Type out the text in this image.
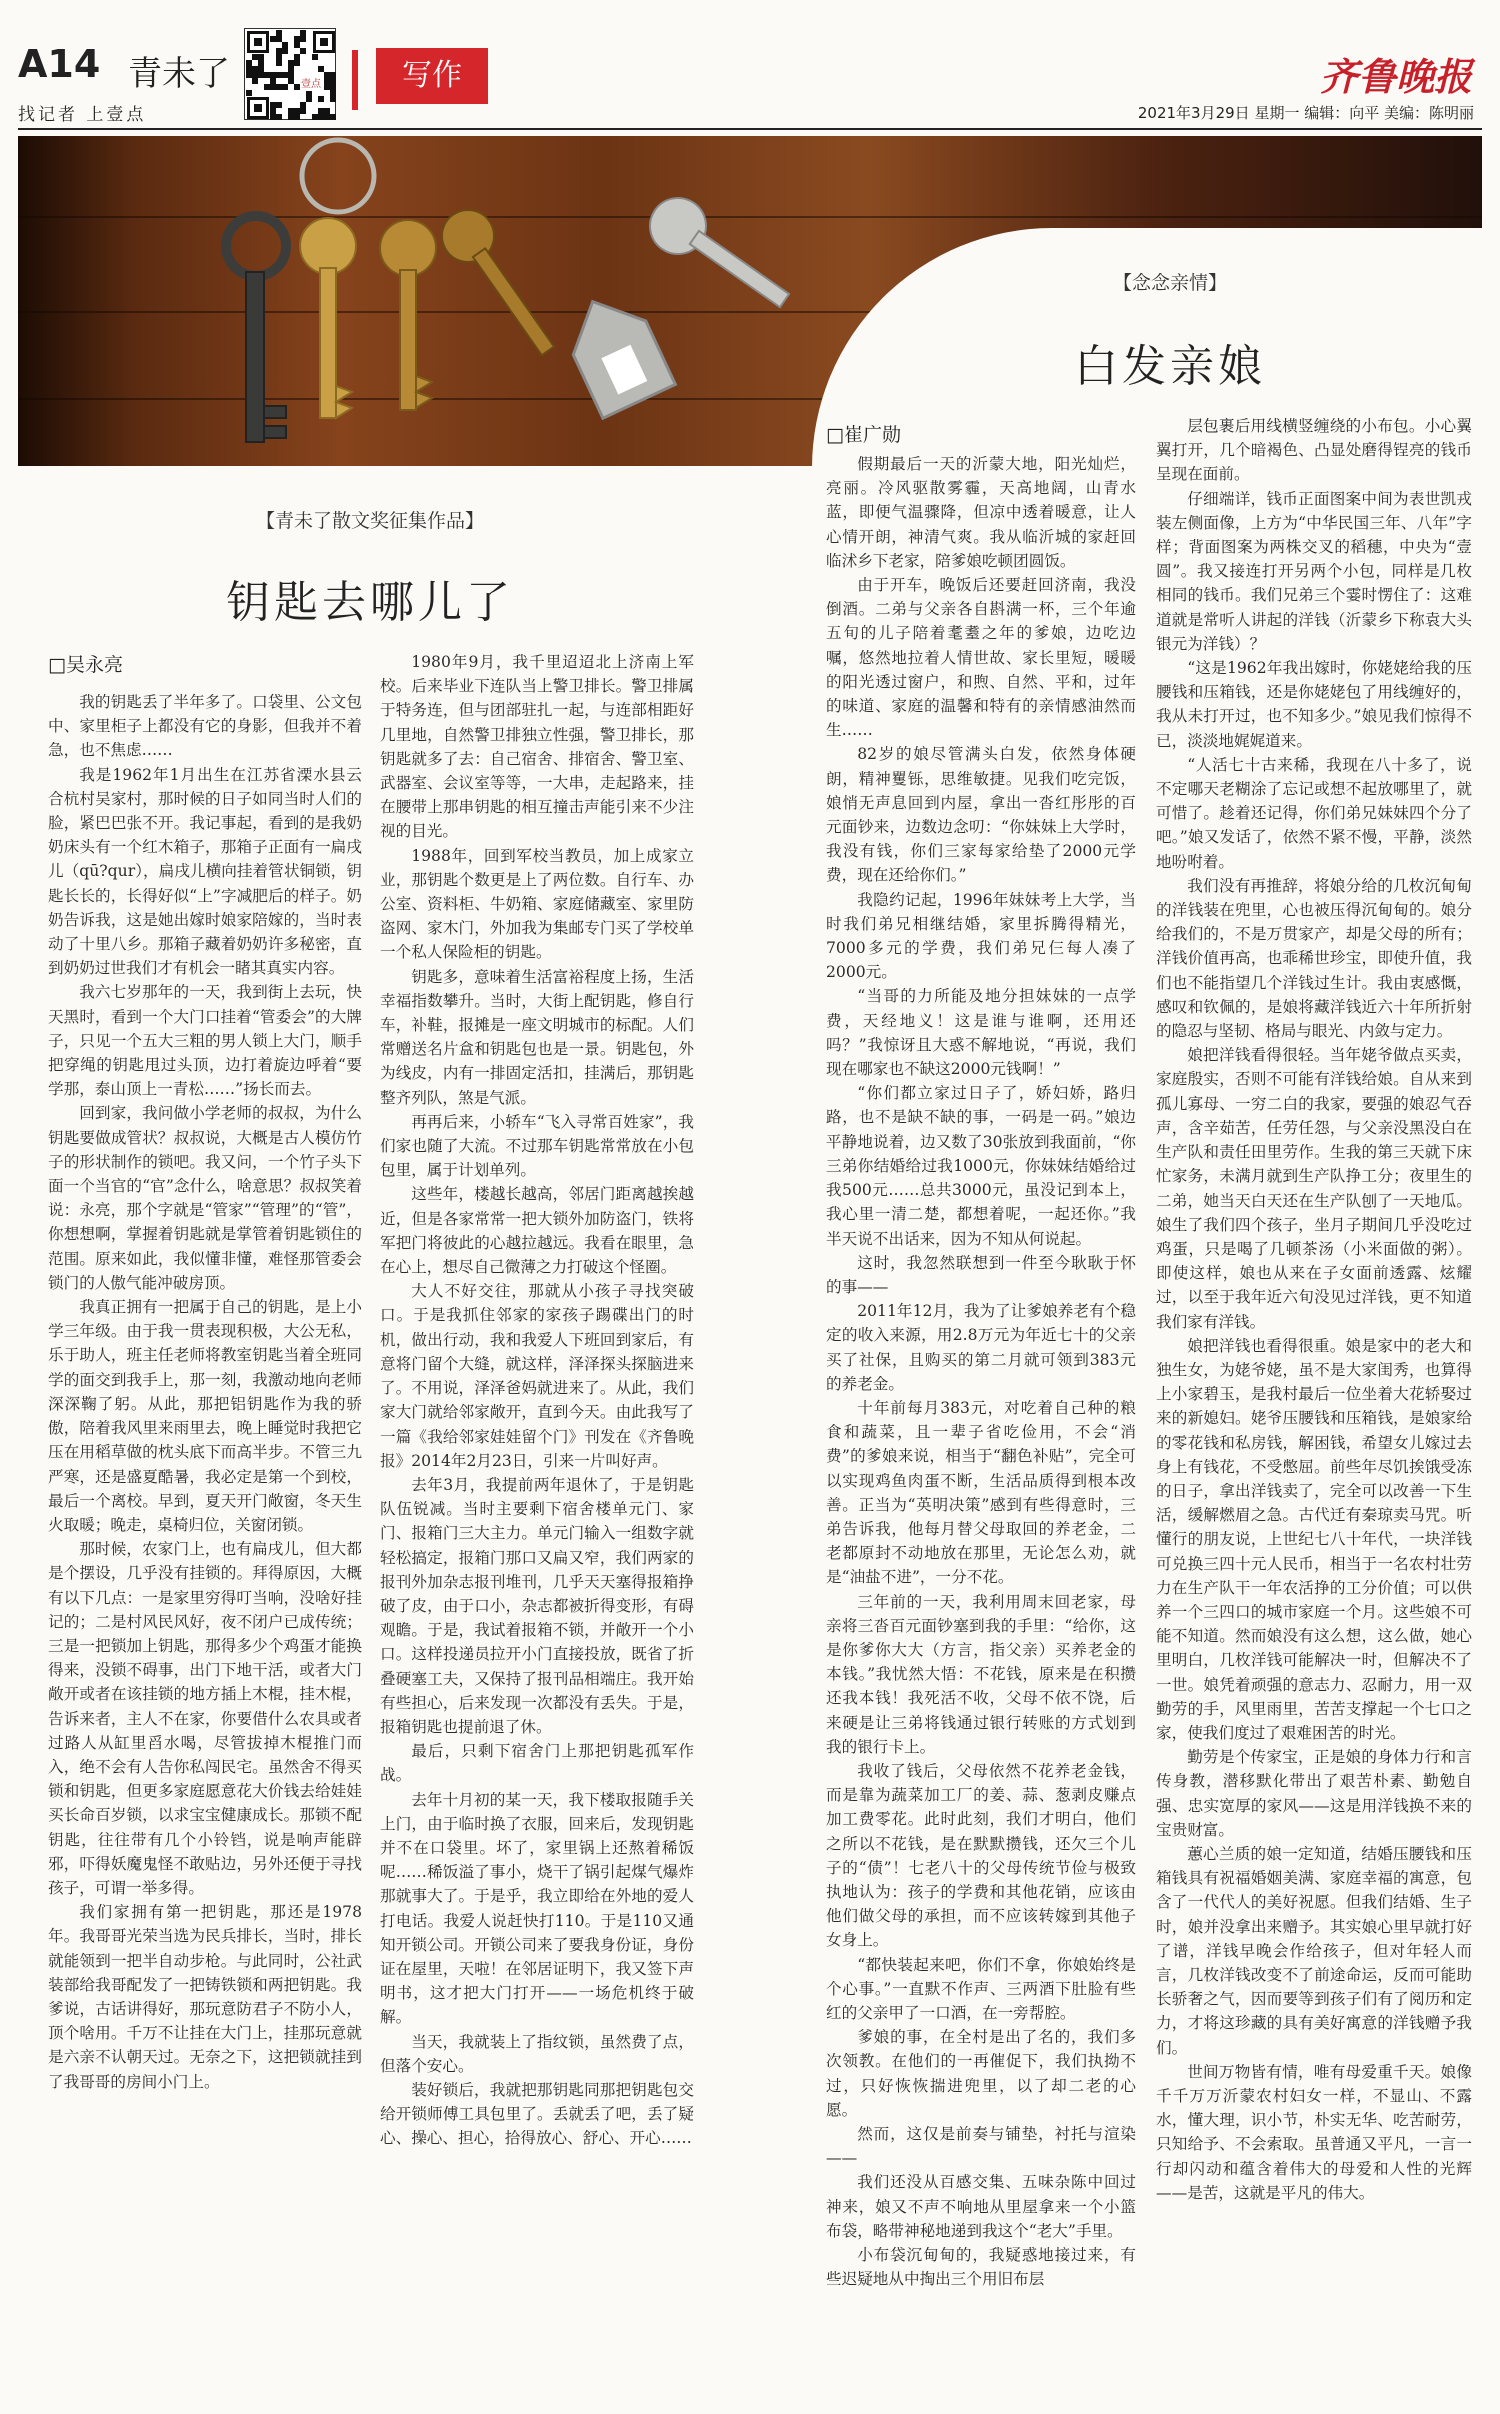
A14 青未了
找记者 上壹点
壹点	写作	齐鲁晚报
2021年3月29日 星期一 编辑：向平 美编：陈明丽
【念念亲情】
白发亲娘
□崔广勋

假期最后一天的沂蒙大地，阳光灿烂，亮丽。冷风驱散雾霾，天高地阔，山青水蓝，即便气温骤降，但凉中透着暖意，让人心情开朗，神清气爽。我从临沂城的家赶回临沭乡下老家，陪爹娘吃顿团圆饭。

由于开车，晚饭后还要赶回济南，我没倒酒。二弟与父亲各自斟满一杯，三个年逾五旬的儿子陪着耄耋之年的爹娘，边吃边嘱，悠然地拉着人情世故、家长里短，暖暖的阳光透过窗户，和煦、自然、平和，过年的味道、家庭的温馨和特有的亲情感油然而生……

82岁的娘尽管满头白发，依然身体硬朗，精神矍铄，思维敏捷。见我们吃完饭，娘悄无声息回到内屋，拿出一沓红彤彤的百元面钞来，边数边念叨：“你妹妹上大学时，我没有钱，你们三家每家给垫了2000元学费，现在还给你们。”

我隐约记起，1996年妹妹考上大学，当时我们弟兄相继结婚，家里拆腾得精光，7000多元的学费，我们弟兄仨每人凑了2000元。

“当哥的力所能及地分担妹妹的一点学费，天经地义！这是谁与谁啊，还用还吗？”我惊讶且大惑不解地说，“再说，我们现在哪家也不缺这2000元钱啊！”

“你们都立家过日子了，娇妇娇，路归路，也不是缺不缺的事，一码是一码。”娘边平静地说着，边又数了30张放到我面前，“你三弟你结婚给过我1000元，你妹妹结婚给过我500元……总共3000元，虽没记到本上，我心里一清二楚，都想着呢，一起还你。”我半天说不出话来，因为不知从何说起。

这时，我忽然联想到一件至今耿耿于怀的事——

2011年12月，我为了让爹娘养老有个稳定的收入来源，用2.8万元为年近七十的父亲买了社保，且购买的第二月就可领到383元的养老金。

十年前每月383元，对吃着自己种的粮食和蔬菜，且一辈子省吃俭用，不会“消费”的爹娘来说，相当于“翻色补贴”，完全可以实现鸡鱼肉蛋不断，生活品质得到根本改善。正当为“英明决策”感到有些得意时，三弟告诉我，他每月替父母取回的养老金，二老都原封不动地放在那里，无论怎么劝，就是“油盐不进”，一分不花。

三年前的一天，我利用周末回老家，母亲将三沓百元面钞塞到我的手里：“给你，这是你爹你大大（方言，指父亲）买养老金的本钱。”我忧然大悟：不花钱，原来是在积攒还我本钱！我死活不收，父母不依不饶，后来硬是让三弟将钱通过银行转账的方式划到我的银行卡上。

我收了钱后，父母依然不花养老金钱，而是靠为蔬菜加工厂的姜、蒜、葱剥皮赚点加工费零花。此时此刻，我们才明白，他们之所以不花钱，是在默默攒钱，还欠三个儿子的“债”！七老八十的父母传统节俭与极致执地认为：孩子的学费和其他花销，应该由他们做父母的承担，而不应该转嫁到其他子女身上。

“都快装起来吧，你们不拿，你娘始终是个心事。”一直默不作声、三两酒下肚脸有些红的父亲甲了一口酒，在一旁帮腔。

爹娘的事，在全村是出了名的，我们多次领教。在他们的一再催促下，我们执拗不过，只好恢恢揣进兜里，以了却二老的心愿。

然而，这仅是前奏与铺垫，衬托与渲染——

我们还没从百感交集、五味杂陈中回过神来，娘又不声不响地从里屋拿来一个小篮布袋，略带神秘地递到我这个“老大”手里。

小布袋沉甸甸的，我疑惑地接过来，有些迟疑地从中掏出三个用旧布层

层包裹后用线横竖缠绕的小布包。小心翼翼打开，几个暗褐色、凸显处磨得锃亮的钱币呈现在面前。

仔细端详，钱币正面图案中间为表世凯戎装左侧面像，上方为“中华民国三年、八年”字样；背面图案为两株交叉的稻穗，中央为“壹圆”。我又接连打开另两个小包，同样是几枚相同的钱币。我们兄弟三个霎时愣住了：这难道就是常听人讲起的洋钱（沂蒙乡下称袁大头银元为洋钱）？

“这是1962年我出嫁时，你姥姥给我的压腰钱和压箱钱，还是你姥姥包了用线缠好的，我从未打开过，也不知多少。”娘见我们惊得不已，淡淡地娓娓道来。

“人活七十古来稀，我现在八十多了，说不定哪天老糊涂了忘记或想不起放哪里了，就可惜了。趁着还记得，你们弟兄妹妹四个分了吧。”娘又发话了，依然不紧不慢，平静，淡然地吩咐着。

我们没有再推辞，将娘分给的几枚沉甸甸的洋钱装在兜里，心也被压得沉甸甸的。娘分给我们的，不是万贯家产，却是父母的所有；洋钱价值再高，也乖稀世珍宝，即使升值，我们也不能指望几个洋钱过生计。我由衷感慨，感叹和钦佩的，是娘将藏洋钱近六十年所折射的隐忍与坚韧、格局与眼光、内敛与定力。

娘把洋钱看得很轻。当年姥爷做点买卖，家庭殷实，否则不可能有洋钱给娘。自从来到孤儿寡母、一穷二白的我家，要强的娘忍气吞声，含辛茹苦，任劳任怨，与父亲没黑没白在生产队和责任田里劳作。生我的第三天就下床忙家务，未满月就到生产队挣工分；夜里生的二弟，她当天白天还在生产队刨了一天地瓜。娘生了我们四个孩子，坐月子期间几乎没吃过鸡蛋，只是喝了几顿茶汤（小米面做的粥）。即使这样，娘也从来在子女面前透露、炫耀过，以至于我年近六旬没见过洋钱，更不知道我们家有洋钱。

娘把洋钱也看得很重。娘是家中的老大和独生女，为姥爷姥，虽不是大家闺秀，也算得上小家碧玉，是我村最后一位坐着大花轿娶过来的新媳妇。姥爷压腰钱和压箱钱，是娘家给的零花钱和私房钱，解困钱，希望女儿嫁过去身上有钱花，不受憋屈。前些年尽饥挨饿受冻的日子，拿出洋钱卖了，完全可以改善一下生活，缓解燃眉之急。古代迁有秦琼卖马咒。听懂行的朋友说，上世纪七八十年代，一块洋钱可兑换三四十元人民币，相当于一名农村壮劳力在生产队干一年农活挣的工分价值；可以供养一个三四口的城市家庭一个月。这些娘不可能不知道。然而娘没有这么想，这么做，她心里明白，几枚洋钱可能解决一时，但解决不了一世。娘凭着顽强的意志力、忍耐力，用一双勤劳的手，风里雨里，苦苦支撑起一个七口之家，使我们度过了艰难困苦的时光。

勤劳是个传家宝，正是娘的身体力行和言传身教，潜移默化带出了艰苦朴素、勤勉自强、忠实宽厚的家风——这是用洋钱换不来的宝贵财富。

蕙心兰质的娘一定知道，结婚压腰钱和压箱钱具有祝福婚姻美满、家庭幸福的寓意，包含了一代代人的美好祝愿。但我们结婚、生子时，娘并没拿出来赠予。其实娘心里早就打好了谱，洋钱早晚会作给孩子，但对年轻人而言，几枚洋钱改变不了前途命运，反而可能助长骄奢之气，因而要等到孩子们有了阅历和定力，才将这珍藏的具有美好寓意的洋钱赠予我们。

世间万物皆有情，唯有母爱重千天。娘像千千万万沂蒙农村妇女一样，不显山、不露水，懂大理，识小节，朴实无华、吃苦耐劳，只知给予、不会索取。虽普通又平凡，一言一行却闪动和蕴含着伟大的母爱和人性的光辉——是苦，这就是平凡的伟大。

【青未了散文奖征集作品】
钥匙去哪儿了
□吴永亮

我的钥匙丢了半年多了。口袋里、公文包中、家里柜子上都没有它的身影，但我并不着急，也不焦虑……

我是1962年1月出生在江苏省溧水县云合杭村吴家村，那时候的日子如同当时人们的脸，紧巴巴张不开。我记事起，看到的是我奶奶床头有一个红木箱子，那箱子正面有一扁戌儿（qū?qur），扁戌儿横向挂着管状铜锁，钥匙长长的，长得好似“上”字减肥后的样子。奶奶告诉我，这是她出嫁时娘家陪嫁的，当时表动了十里八乡。那箱子藏着奶奶许多秘密，直到奶奶过世我们才有机会一睹其真实内容。

我六七岁那年的一天，我到街上去玩，快天黑时，看到一个大门口挂着“管委会”的大牌子，只见一个五大三粗的男人锁上大门，顺手把穿绳的钥匙甩过头顶，边打着旋边呼着“要学那，泰山顶上一青松……”扬长而去。

回到家，我问做小学老师的叔叔，为什么钥匙要做成管状？叔叔说，大概是古人模仿竹子的形状制作的锁吧。我又问，一个竹子头下面一个当官的“官”念什么，啥意思？叔叔笑着说：永亮，那个字就是“管家”“管理”的“管”，你想想啊，掌握着钥匙就是掌管着钥匙锁住的范围。原来如此，我似懂非懂，难怪那管委会锁门的人傲气能冲破房顶。

我真正拥有一把属于自己的钥匙，是上小学三年级。由于我一贯表现积极，大公无私，乐于助人，班主任老师将教室钥匙当着全班同学的面交到我手上，那一刻，我激动地向老师深深鞠了躬。从此，那把铝钥匙作为我的骄傲，陪着我风里来雨里去，晚上睡觉时我把它压在用稻草做的枕头底下而高半步。不管三九严寒，还是盛夏酷暑，我必定是第一个到校，最后一个离校。早到，夏天开门敞窗，冬天生火取暖；晚走，桌椅归位，关窗闭锁。

那时候，农家门上，也有扁戌儿，但大都是个摆设，几乎没有挂锁的。拜得原因，大概有以下几点：一是家里穷得叮当响，没啥好挂记的；二是村风民风好，夜不闭户已成传统；三是一把锁加上钥匙，那得多少个鸡蛋才能换得来，没锁不碍事，出门下地干活，或者大门敞开或者在该挂锁的地方插上木棍，挂木棍，告诉来者，主人不在家，你要借什么农具或者过路人从缸里舀水喝，尽管拔掉木棍推门而入，绝不会有人告你私闯民宅。虽然舍不得买锁和钥匙，但更多家庭愿意花大价钱去给娃娃买长命百岁锁，以求宝宝健康成长。那锁不配钥匙，往往带有几个小铃铛，说是响声能辟邪，吓得妖魔鬼怪不敢贴边，另外还便于寻找孩子，可谓一举多得。

我们家拥有第一把钥匙，那还是1978年。我哥哥光荣当选为民兵排长，当时，排长就能领到一把半自动步枪。与此同时，公社武装部给我哥配发了一把铸铁锁和两把钥匙。我爹说，古话讲得好，那玩意防君子不防小人，顶个啥用。千万不让挂在大门上，挂那玩意就是六亲不认朝天过。无奈之下，这把锁就挂到了我哥哥的房间小门上。

1980年9月，我千里迢迢北上济南上军校。后来毕业下连队当上警卫排长。警卫排属于特务连，但与团部驻扎一起，与连部相距好几里地，自然警卫排独立性强，警卫排长，那钥匙就多了去：自己宿舍、排宿舍、警卫室、武器室、会议室等等，一大串，走起路来，挂在腰带上那串钥匙的相互撞击声能引来不少注视的目光。

1988年，回到军校当教员，加上成家立业，那钥匙个数更是上了两位数。自行车、办公室、资料柜、牛奶箱、家庭储藏室、家里防盗网、家木门，外加我为集邮专门买了学校单一个私人保险柜的钥匙。

钥匙多，意味着生活富裕程度上扬，生活幸福指数攀升。当时，大街上配钥匙，修自行车，补鞋，报摊是一座文明城市的标配。人们常赠送名片盒和钥匙包也是一景。钥匙包，外为线皮，内有一排固定活扣，挂满后，那钥匙整齐列队，煞是气派。

再再后来，小轿车“飞入寻常百姓家”，我们家也随了大流。不过那车钥匙常常放在小包包里，属于计划单列。

这些年，楼越长越高，邻居门距离越挨越近，但是各家常常一把大锁外加防盗门，铁将军把门将彼此的心越拉越远。我看在眼里，急在心上，想尽自己微薄之力打破这个怪圈。

大人不好交往，那就从小孩子寻找突破口。于是我抓住邻家的家孩子踢碟出门的时机，做出行动，我和我爱人下班回到家后，有意将门留个大缝，就这样，泽泽探头探脑进来了。不用说，泽泽爸妈就进来了。从此，我们家大门就给邻家敞开，直到今天。由此我写了一篇《我给邻家娃娃留个门》刊发在《齐鲁晚报》2014年2月23日，引来一片叫好声。

去年3月，我提前两年退休了，于是钥匙队伍锐减。当时主要剩下宿舍楼单元门、家门、报箱门三大主力。单元门输入一组数字就轻松搞定，报箱门那口又扁又窄，我们两家的报刊外加杂志报刊堆刊，几乎天天塞得报箱挣破了皮，由于口小，杂志都被折得变形，有碍观瞻。于是，我试着报箱不锁，并敞开一个小口。这样投递员拉开小门直接投放，既省了折叠硬塞工夫，又保持了报刊品相端庄。我开始有些担心，后来发现一次都没有丢失。于是，报箱钥匙也提前退了休。

最后，只剩下宿舍门上那把钥匙孤军作战。

去年十月初的某一天，我下楼取报随手关上门，由于临时换了衣服，回来后，发现钥匙并不在口袋里。坏了，家里锅上还熬着稀饭呢……稀饭溢了事小，烧干了锅引起煤气爆炸那就事大了。于是乎，我立即给在外地的爱人打电话。我爱人说赶快打110。于是110又通知开锁公司。开锁公司来了要我身份证，身份证在屋里，天啦！在邻居证明下，我又签下声明书，这才把大门打开——一场危机终于破解。

当天，我就装上了指纹锁，虽然费了点，但落个安心。

装好锁后，我就把那钥匙同那把钥匙包交给开锁师傅工具包里了。丢就丢了吧，丢了疑心、操心、担心，拾得放心、舒心、开心……
